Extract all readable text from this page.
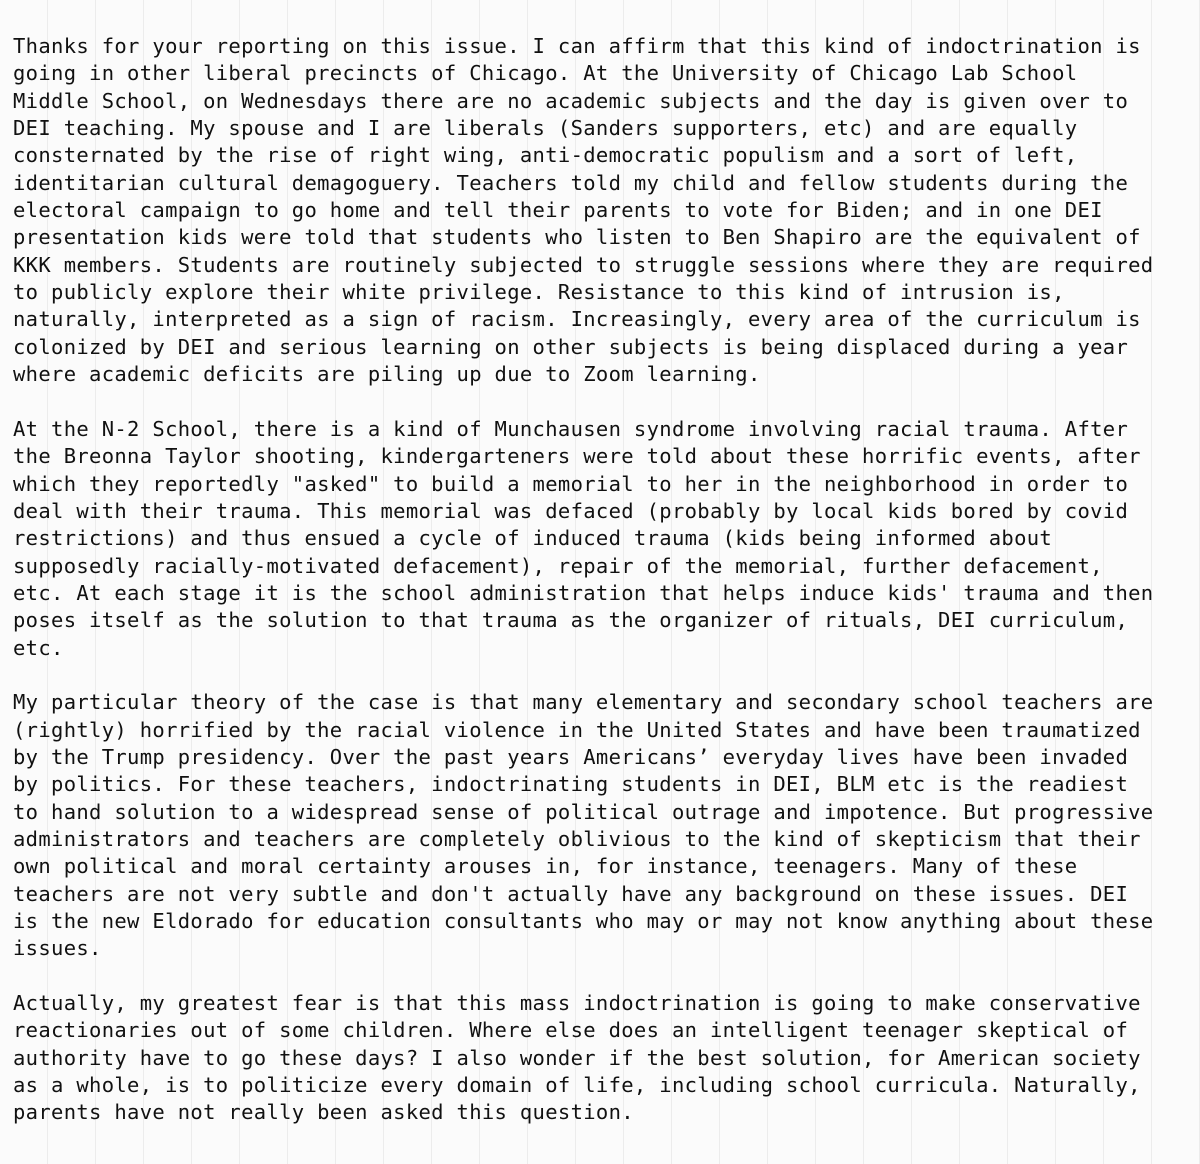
Thanks for your reporting on this issue. I can affirm that this kind of indoctrination is
going in other liberal precincts of Chicago. At the University of Chicago Lab School
Middle School, on Wednesdays there are no academic subjects and the day is given over to
DEI teaching. My spouse and I are liberals (Sanders supporters, etc) and are equally
consternated by the rise of right wing, anti-democratic populism and a sort of left,
identitarian cultural demagoguery. Teachers told my child and fellow students during the
electoral campaign to go home and tell their parents to vote for Biden; and in one DEI
presentation kids were told that students who listen to Ben Shapiro are the equivalent of
KKK members. Students are routinely subjected to struggle sessions where they are required
to publicly explore their white privilege. Resistance to this kind of intrusion is,
naturally, interpreted as a sign of racism. Increasingly, every area of the curriculum is
colonized by DEI and serious learning on other subjects is being displaced during a year
where academic deficits are piling up due to Zoom learning.
At the N-2 School, there is a kind of Munchausen syndrome involving racial trauma. After
the Breonna Taylor shooting, kindergarteners were told about these horrific events, after
which they reportedly "asked" to build a memorial to her in the neighborhood in order to
deal with their trauma. This memorial was defaced (probably by local kids bored by covid
restrictions) and thus ensued a cycle of induced trauma (kids being informed about
supposedly racially-motivated defacement), repair of the memorial, further defacement,
etc. At each stage it is the school administration that helps induce kids' trauma and then
poses itself as the solution to that trauma as the organizer of rituals, DEI curriculum,
etc.
My particular theory of the case is that many elementary and secondary school teachers are
(rightly) horrified by the racial violence in the United States and have been traumatized
by the Trump presidency. Over the past years Americans’ everyday lives have been invaded
by politics. For these teachers, indoctrinating students in DEI, BLM etc is the readiest
to hand solution to a widespread sense of political outrage and impotence. But progressive
administrators and teachers are completely oblivious to the kind of skepticism that their
own political and moral certainty arouses in, for instance, teenagers. Many of these
teachers are not very subtle and don't actually have any background on these issues. DEI
is the new Eldorado for education consultants who may or may not know anything about these
issues.
Actually, my greatest fear is that this mass indoctrination is going to make conservative
reactionaries out of some children. Where else does an intelligent teenager skeptical of
authority have to go these days? I also wonder if the best solution, for American society
as a whole, is to politicize every domain of life, including school curricula. Naturally,
parents have not really been asked this question.
